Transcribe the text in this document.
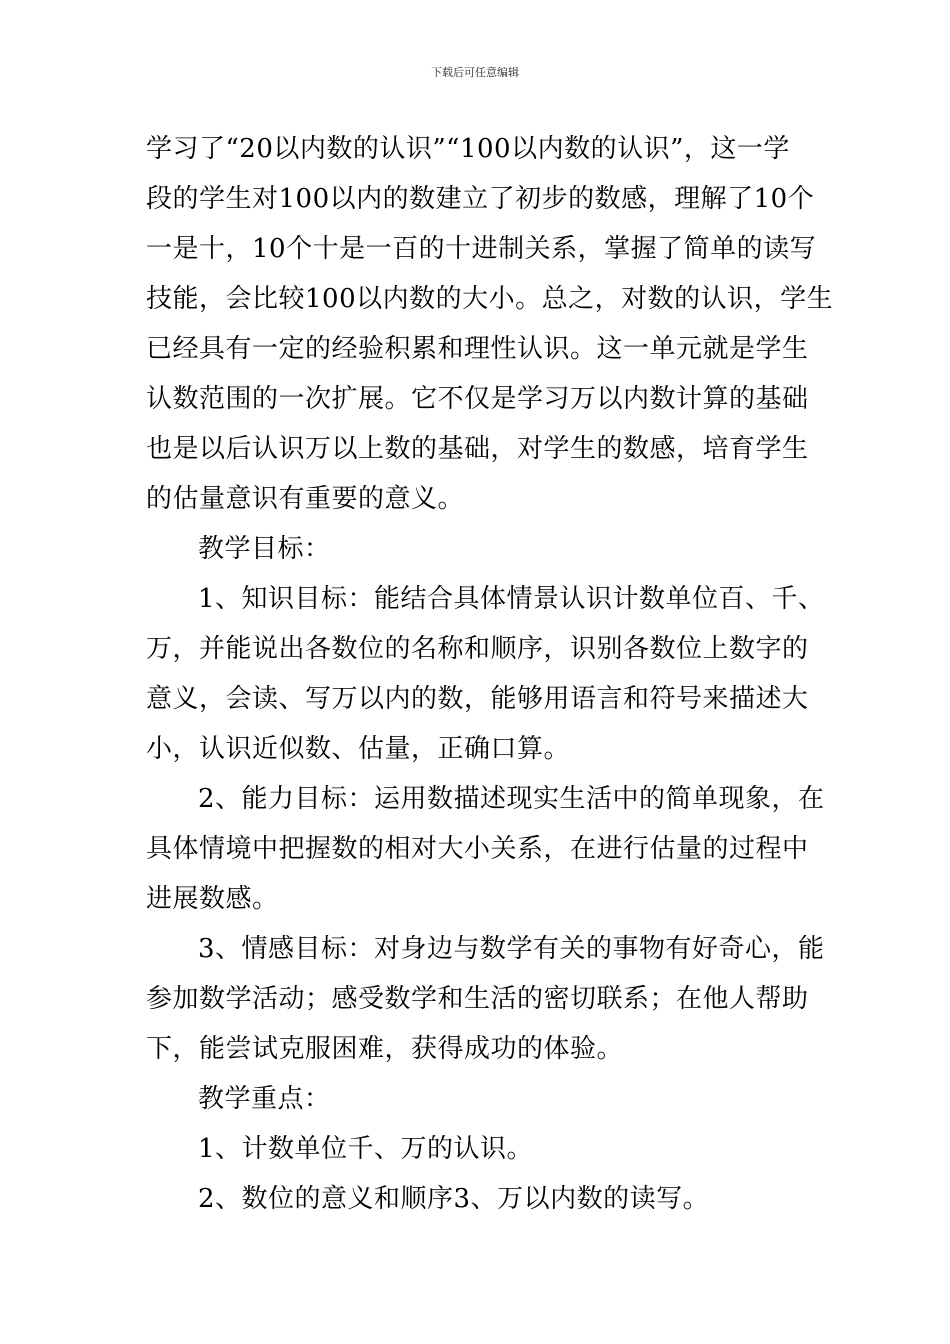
下载后可任意编辑
学习了“20以内数的认识”“100以内数的认识”，这一学
段的学生对100以内的数建立了初步的数感，理解了10个
一是十，10个十是一百的十进制关系，掌握了简单的读写
技能，会比较100以内数的大小。总之，对数的认识，学生
已经具有一定的经验积累和理性认识。这一单元就是学生
认数范围的一次扩展。它不仅是学习万以内数计算的基础
也是以后认识万以上数的基础，对学生的数感，培育学生
的估量意识有重要的意义。
教学目标：
1、知识目标：能结合具体情景认识计数单位百、千、
万，并能说出各数位的名称和顺序，识别各数位上数字的
意义，会读、写万以内的数，能够用语言和符号来描述大
小，认识近似数、估量，正确口算。
2、能力目标：运用数描述现实生活中的简单现象，在
具体情境中把握数的相对大小关系，在进行估量的过程中
进展数感。
3、情感目标：对身边与数学有关的事物有好奇心，能
参加数学活动；感受数学和生活的密切联系；在他人帮助
下，能尝试克服困难，获得成功的体验。
教学重点：
1、计数单位千、万的认识。
2、数位的意义和顺序3、万以内数的读写。
